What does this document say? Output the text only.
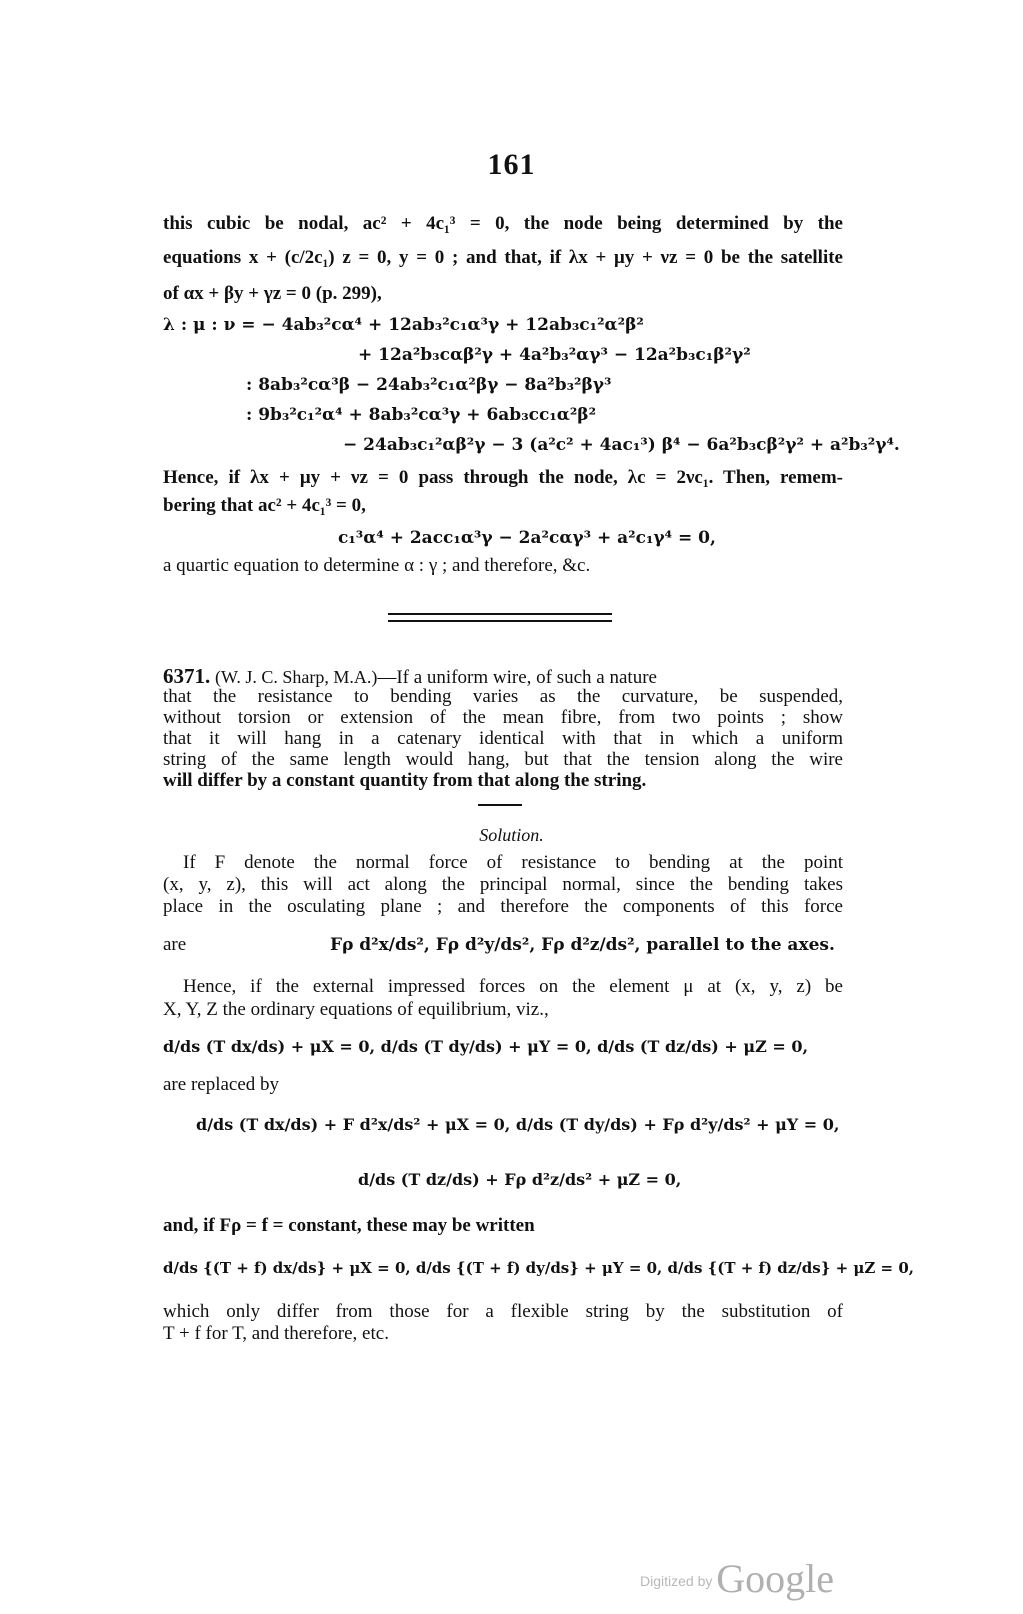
161
this cubic be nodal, ac² + 4c₁³ = 0, the node being determined by the
equations x + (c/2c₁) z = 0, y = 0 ; and that, if λx + μy + νz = 0 be the satellite
of αx + βy + γz = 0 (p. 299),
λ : μ : ν = − 4ab₃²cα⁴ + 12ab₃²c₁α³γ + 12ab₃c₁²α²β²
+ 12a²b₃cαβ²γ + 4a²b₃²αγ³ − 12a²b₃c₁β²γ²
: 8ab₃²cα³β − 24ab₃²c₁α²βγ − 8a²b₃²βγ³
: 9b₃²c₁²α⁴ + 8ab₃²cα³γ + 6ab₃cc₁α²β²
− 24ab₃c₁²αβ²γ − 3 (a²c² + 4ac₁³) β⁴ − 6a²b₃cβ²γ² + a²b₃²γ⁴.
Hence, if λx + μy + νz = 0 pass through the node, λc = 2νc₁. Then, remem-
bering that ac² + 4c₁³ = 0,
c₁³α⁴ + 2acc₁α³γ − 2a²cαγ³ + a²c₁γ⁴ = 0,
a quartic equation to determine α : γ ; and therefore, &c.
6371. (W. J. C. Sharp, M.A.)—If a uniform wire, of such a nature
that the resistance to bending varies as the curvature, be suspended,
without torsion or extension of the mean fibre, from two points ; show
that it will hang in a catenary identical with that in which a uniform
string of the same length would hang, but that the tension along the wire
will differ by a constant quantity from that along the string.
Solution.
If F denote the normal force of resistance to bending at the point
(x, y, z), this will act along the principal normal, since the bending takes
place in the osculating plane ; and therefore the components of this force
are	Fρ d²x/ds², Fρ d²y/ds², Fρ d²z/ds², parallel to the axes.
Hence, if the external impressed forces on the element μ at (x, y, z) be
X, Y, Z the ordinary equations of equilibrium, viz.,
d/ds (T dx/ds) + μX = 0, d/ds (T dy/ds) + μY = 0, d/ds (T dz/ds) + μZ = 0,
are replaced by
d/ds (T dx/ds) + F d²x/ds² + μX = 0, d/ds (T dy/ds) + Fρ d²y/ds² + μY = 0,
d/ds (T dz/ds) + Fρ d²z/ds² + μZ = 0,
and, if Fρ = f = constant, these may be written
d/ds {(T + f) dx/ds} + μX = 0, d/ds {(T + f) dy/ds} + μY = 0, d/ds {(T + f) dz/ds} + μZ = 0,
which only differ from those for a flexible string by the substitution of
T + f for T, and therefore, etc.
Digitized by Google
